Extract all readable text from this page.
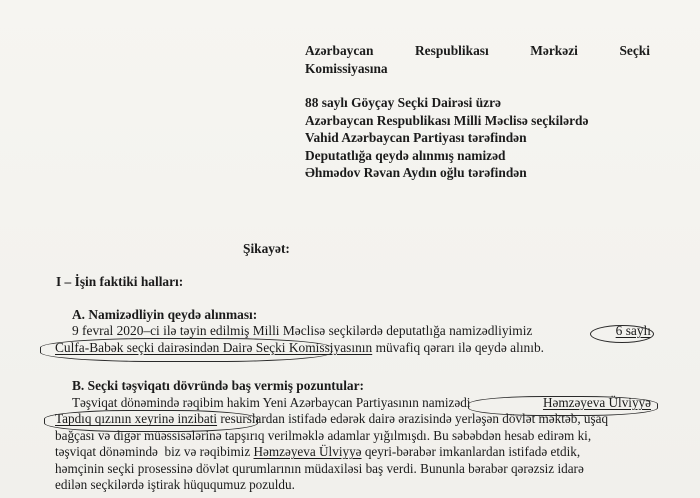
Azərbaycan	Respublikası	Mərkəzi	Seçki
Komissiyasına
88 saylı Göyçay Seçki Dairəsi üzrə
Azərbaycan Respublikası Milli Məclisə seçkilərdə
Vahid Azərbaycan Partiyası tərəfindən
Deputatlığa qeydə alınmış namizəd
Əhmədov Rəvan Aydın oğlu tərəfindən
Şikayət:
I – İşin faktiki halları:
A. Namizədliyin qeydə alınması:
9 fevral 2020–ci ilə təyin edilmiş Milli Məclisə seçkilərdə deputatlığa namizədliyimiz	6 saylı
Culfa-Babək seçki dairəsindən Dairə Seçki Komissiyasının müvafiq qərarı ilə qeydə alınıb.
B. Seçki təşviqatı dövründə baş vermiş pozuntular:
Təşviqat dönəmində rəqibim hakim Yeni Azərbaycan Partiyasının namizədi	Həmzəyeva Ülviyyə
Tapdıq qızının xeyrinə inzibati resurslardan istifadə edərək dairə ərazisində yerləşən dövlət məktəb, uşaq
bağçası və digər müəssisələrinə tapşırıq verilməklə adamlar yığılmışdı. Bu səbəbdən hesab edirəm ki,
təşviqat dönəmində  biz və rəqibimiz Həmzəyeva Ülviyyə qeyri-bərabər imkanlardan istifadə etdik,
həmçinin seçki prosessinə dövlət qurumlarının müdaxiləsi baş verdi. Bununla bərabər qərəzsiz idarə
edilən seçkilərdə iştirak hüququmuz pozuldu.
